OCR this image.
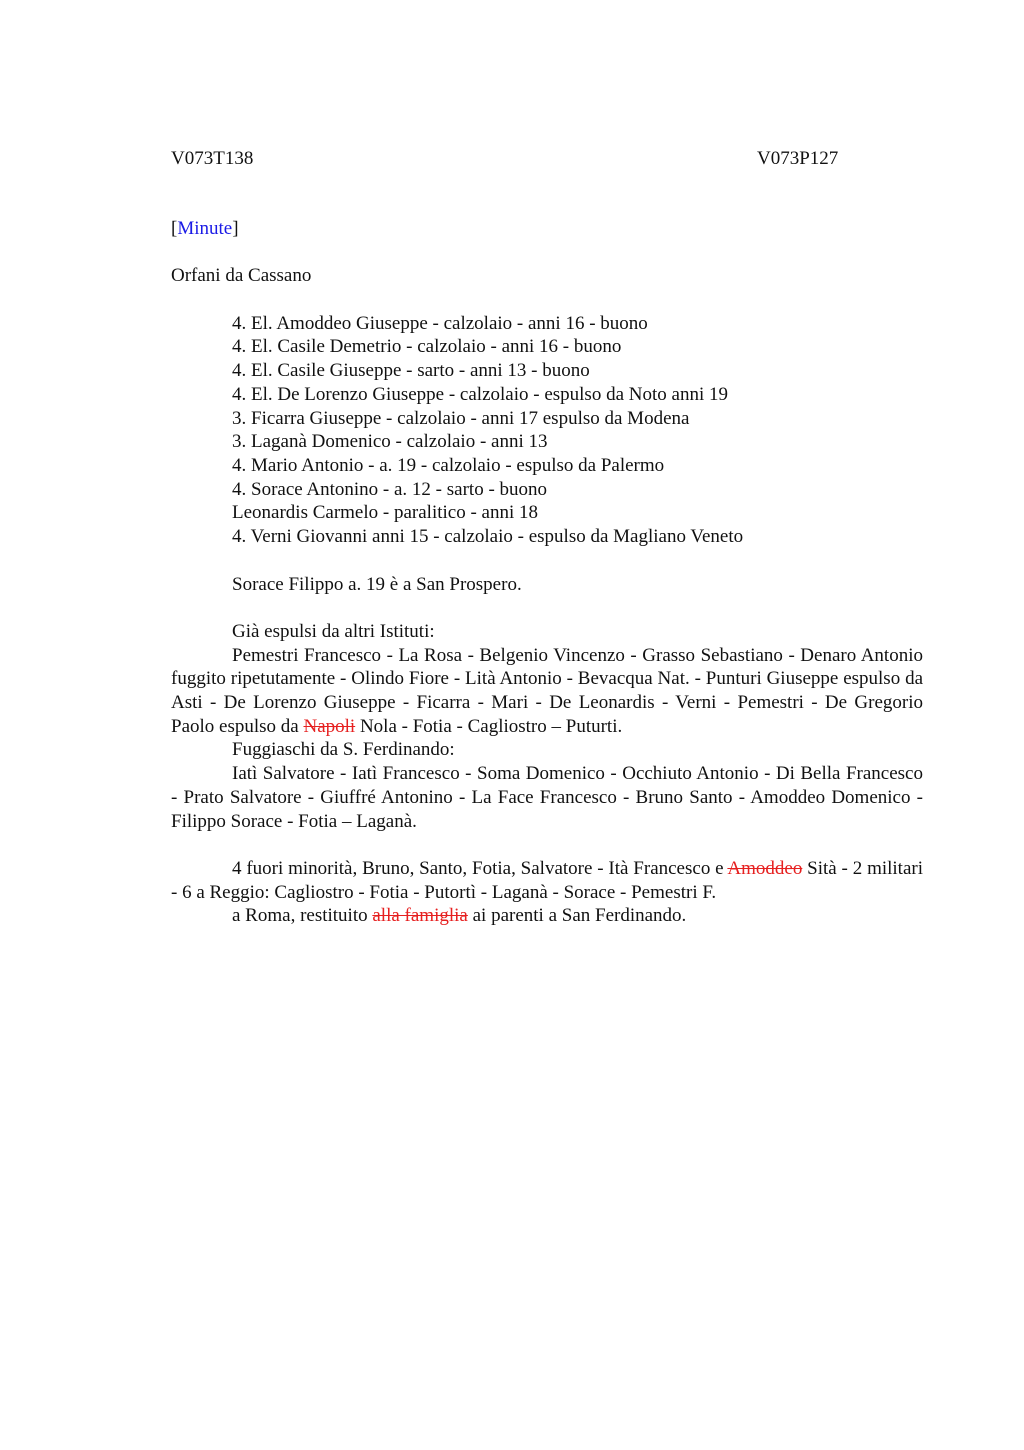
V073T138	V073P127
[Minute]
Orfani da Cassano
4. El. Amoddeo Giuseppe - calzolaio - anni 16 - buono
4. El. Casile Demetrio - calzolaio - anni 16 - buono
4. El. Casile Giuseppe - sarto - anni 13 - buono
4. El. De Lorenzo Giuseppe - calzolaio - espulso da Noto anni 19
3. Ficarra Giuseppe - calzolaio - anni 17 espulso da Modena
3. Laganà Domenico - calzolaio - anni 13
4. Mario Antonio - a. 19 - calzolaio - espulso da Palermo
4. Sorace Antonino - a. 12 - sarto - buono
Leonardis Carmelo - paralitico - anni 18
4. Verni Giovanni anni 15 - calzolaio - espulso da Magliano Veneto
Sorace Filippo a. 19 è a San Prospero.
Già espulsi da altri Istituti:
Pemestri Francesco - La Rosa - Belgenio Vincenzo - Grasso Sebastiano - Denaro Antonio fuggito ripetutamente - Olindo Fiore - Lità Antonio - Bevacqua Nat. - Punturi Giuseppe espulso da Asti - De Lorenzo Giuseppe - Ficarra - Mari - De Leonardis - Verni - Pemestri - De Gregorio Paolo espulso da Napoli Nola - Fotia - Cagliostro – Puturti.
Fuggiaschi da S. Ferdinando:
Iatì Salvatore - Iatì Francesco - Soma Domenico - Occhiuto Antonio - Di Bella Francesco - Prato Salvatore - Giuffré Antonino - La Face Francesco - Bruno Santo - Amoddeo Domenico - Filippo Sorace - Fotia – Laganà.
4 fuori minorità, Bruno, Santo, Fotia, Salvatore - Ità Francesco e Amoddeo Sità - 2 militari - 6 a Reggio: Cagliostro - Fotia - Putortì - Laganà - Sorace - Pemestri F.
a Roma, restituito alla famiglia ai parenti a San Ferdinando.
